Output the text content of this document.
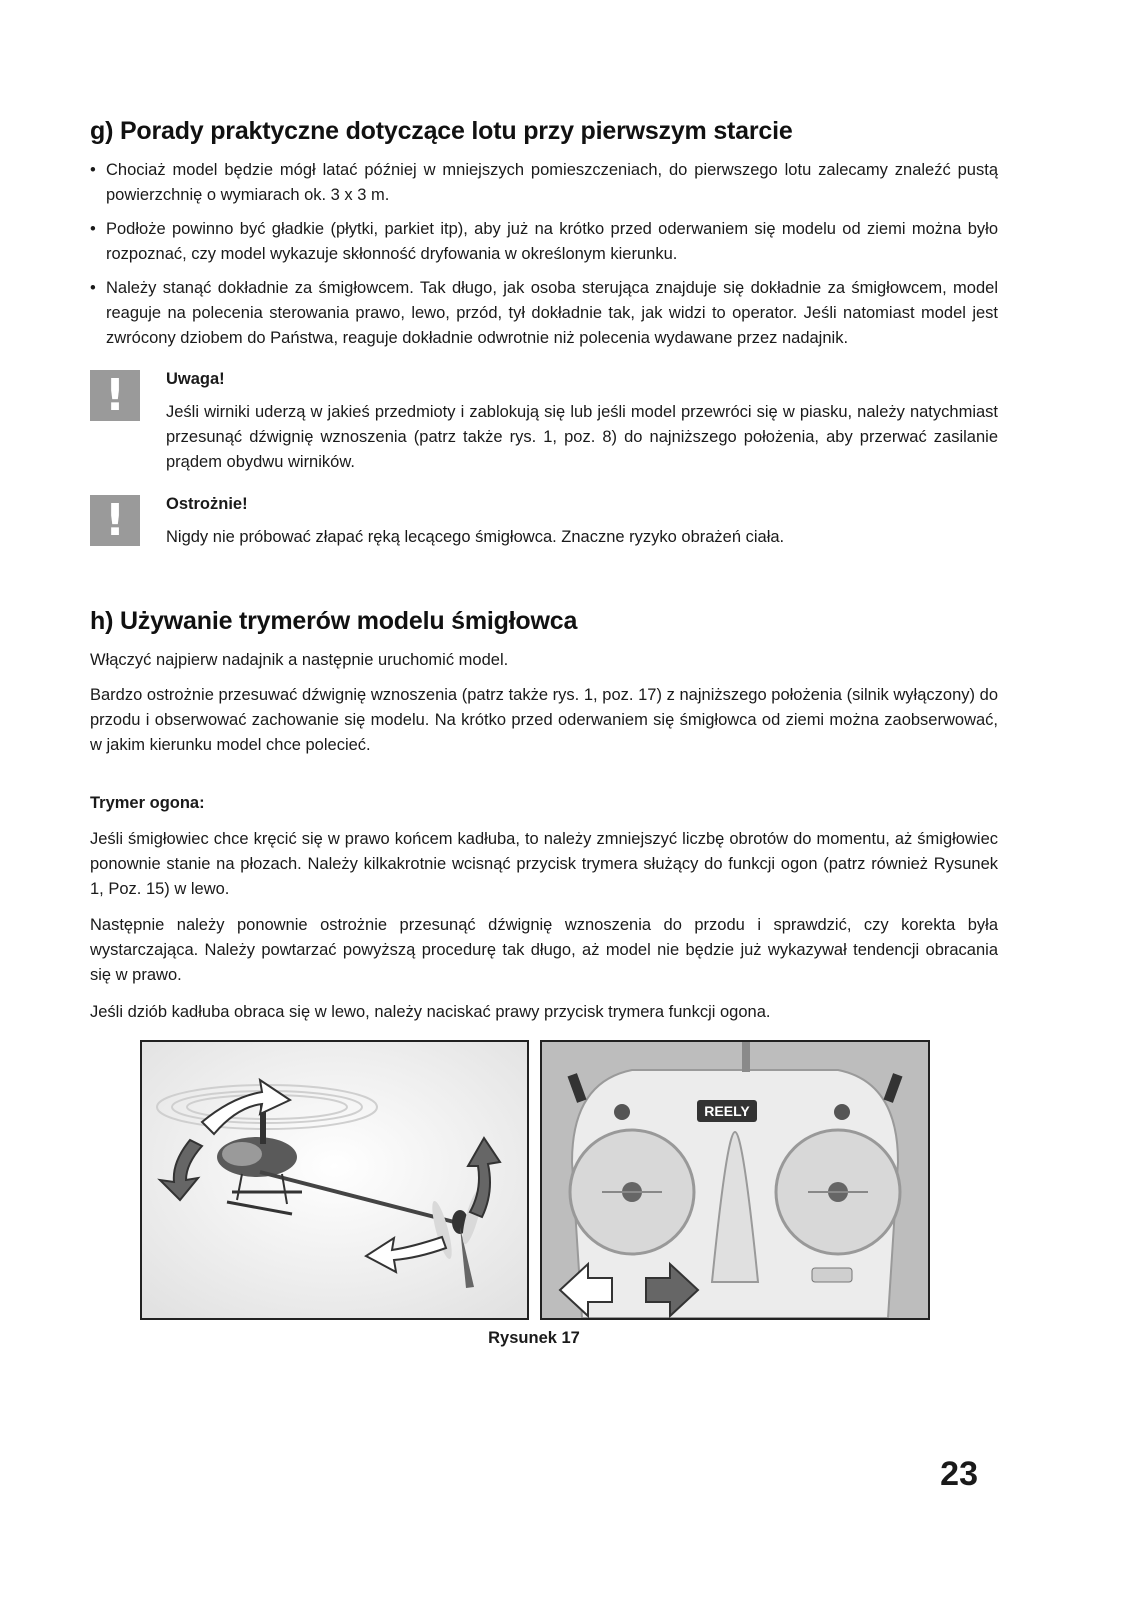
g) Porady praktyczne dotyczące lotu przy pierwszym starcie
• Chociaż model będzie mógł latać później w mniejszych pomieszczeniach, do pierwszego lotu zalecamy znaleźć pustą powierzchnię o wymiarach ok. 3 x 3 m.
• Podłoże powinno być gładkie (płytki, parkiet itp), aby już na krótko przed oderwaniem się modelu od ziemi można było rozpoznać, czy model wykazuje skłonność dryfowania w określonym kierunku.
• Należy stanąć dokładnie za śmigłowcem. Tak długo, jak osoba sterująca znajduje się dokładnie za śmigłowcem, model reaguje na polecenia sterowania prawo, lewo, przód, tył dokładnie tak, jak widzi to operator. Jeśli natomiast model jest zwrócony dziobem do Państwa, reaguje dokładnie odwrotnie niż polecenia wydawane przez nadajnik.
!	Uwaga!

Jeśli wirniki uderzą w jakieś przedmioty i zablokują się lub jeśli model przewróci się w piasku, należy natychmiast przesunąć dźwignię wznoszenia (patrz także rys. 1, poz. 8) do najniższego położenia, aby przerwać zasilanie prądem obydwu wirników.

!	Ostrożnie!

Nigdy nie próbować złapać ręką lecącego śmigłowca. Znaczne ryzyko obrażeń ciała.

h) Używanie trymerów modelu śmigłowca

Włączyć najpierw nadajnik a następnie uruchomić model.

Bardzo ostrożnie przesuwać dźwignię wznoszenia (patrz także rys. 1, poz. 17) z najniższego położenia (silnik wyłączony) do przodu i obserwować zachowanie się modelu. Na krótko przed oderwaniem się śmigłowca od ziemi można zaobserwować, w jakim kierunku model chce polecieć.

Trymer ogona:

Jeśli śmigłowiec chce kręcić się w prawo końcem kadłuba, to należy zmniejszyć liczbę obrotów do momentu, aż śmigłowiec ponownie stanie na płozach. Należy kilkakrotnie wcisnąć przycisk trymera służący do funkcji ogon (patrz również Rysunek 1, Poz. 15) w lewo.

Następnie należy ponownie ostrożnie przesunąć dźwignię wznoszenia do przodu i sprawdzić, czy korekta była wystarczająca. Należy powtarzać powyższą procedurę tak długo, aż model nie będzie już wykazywał tendencji obracania się w prawo.

Jeśli dziób kadłuba obraca się w lewo, należy naciskać prawy przycisk trymera funkcji ogona.

REELY
Rysunek 17
23
